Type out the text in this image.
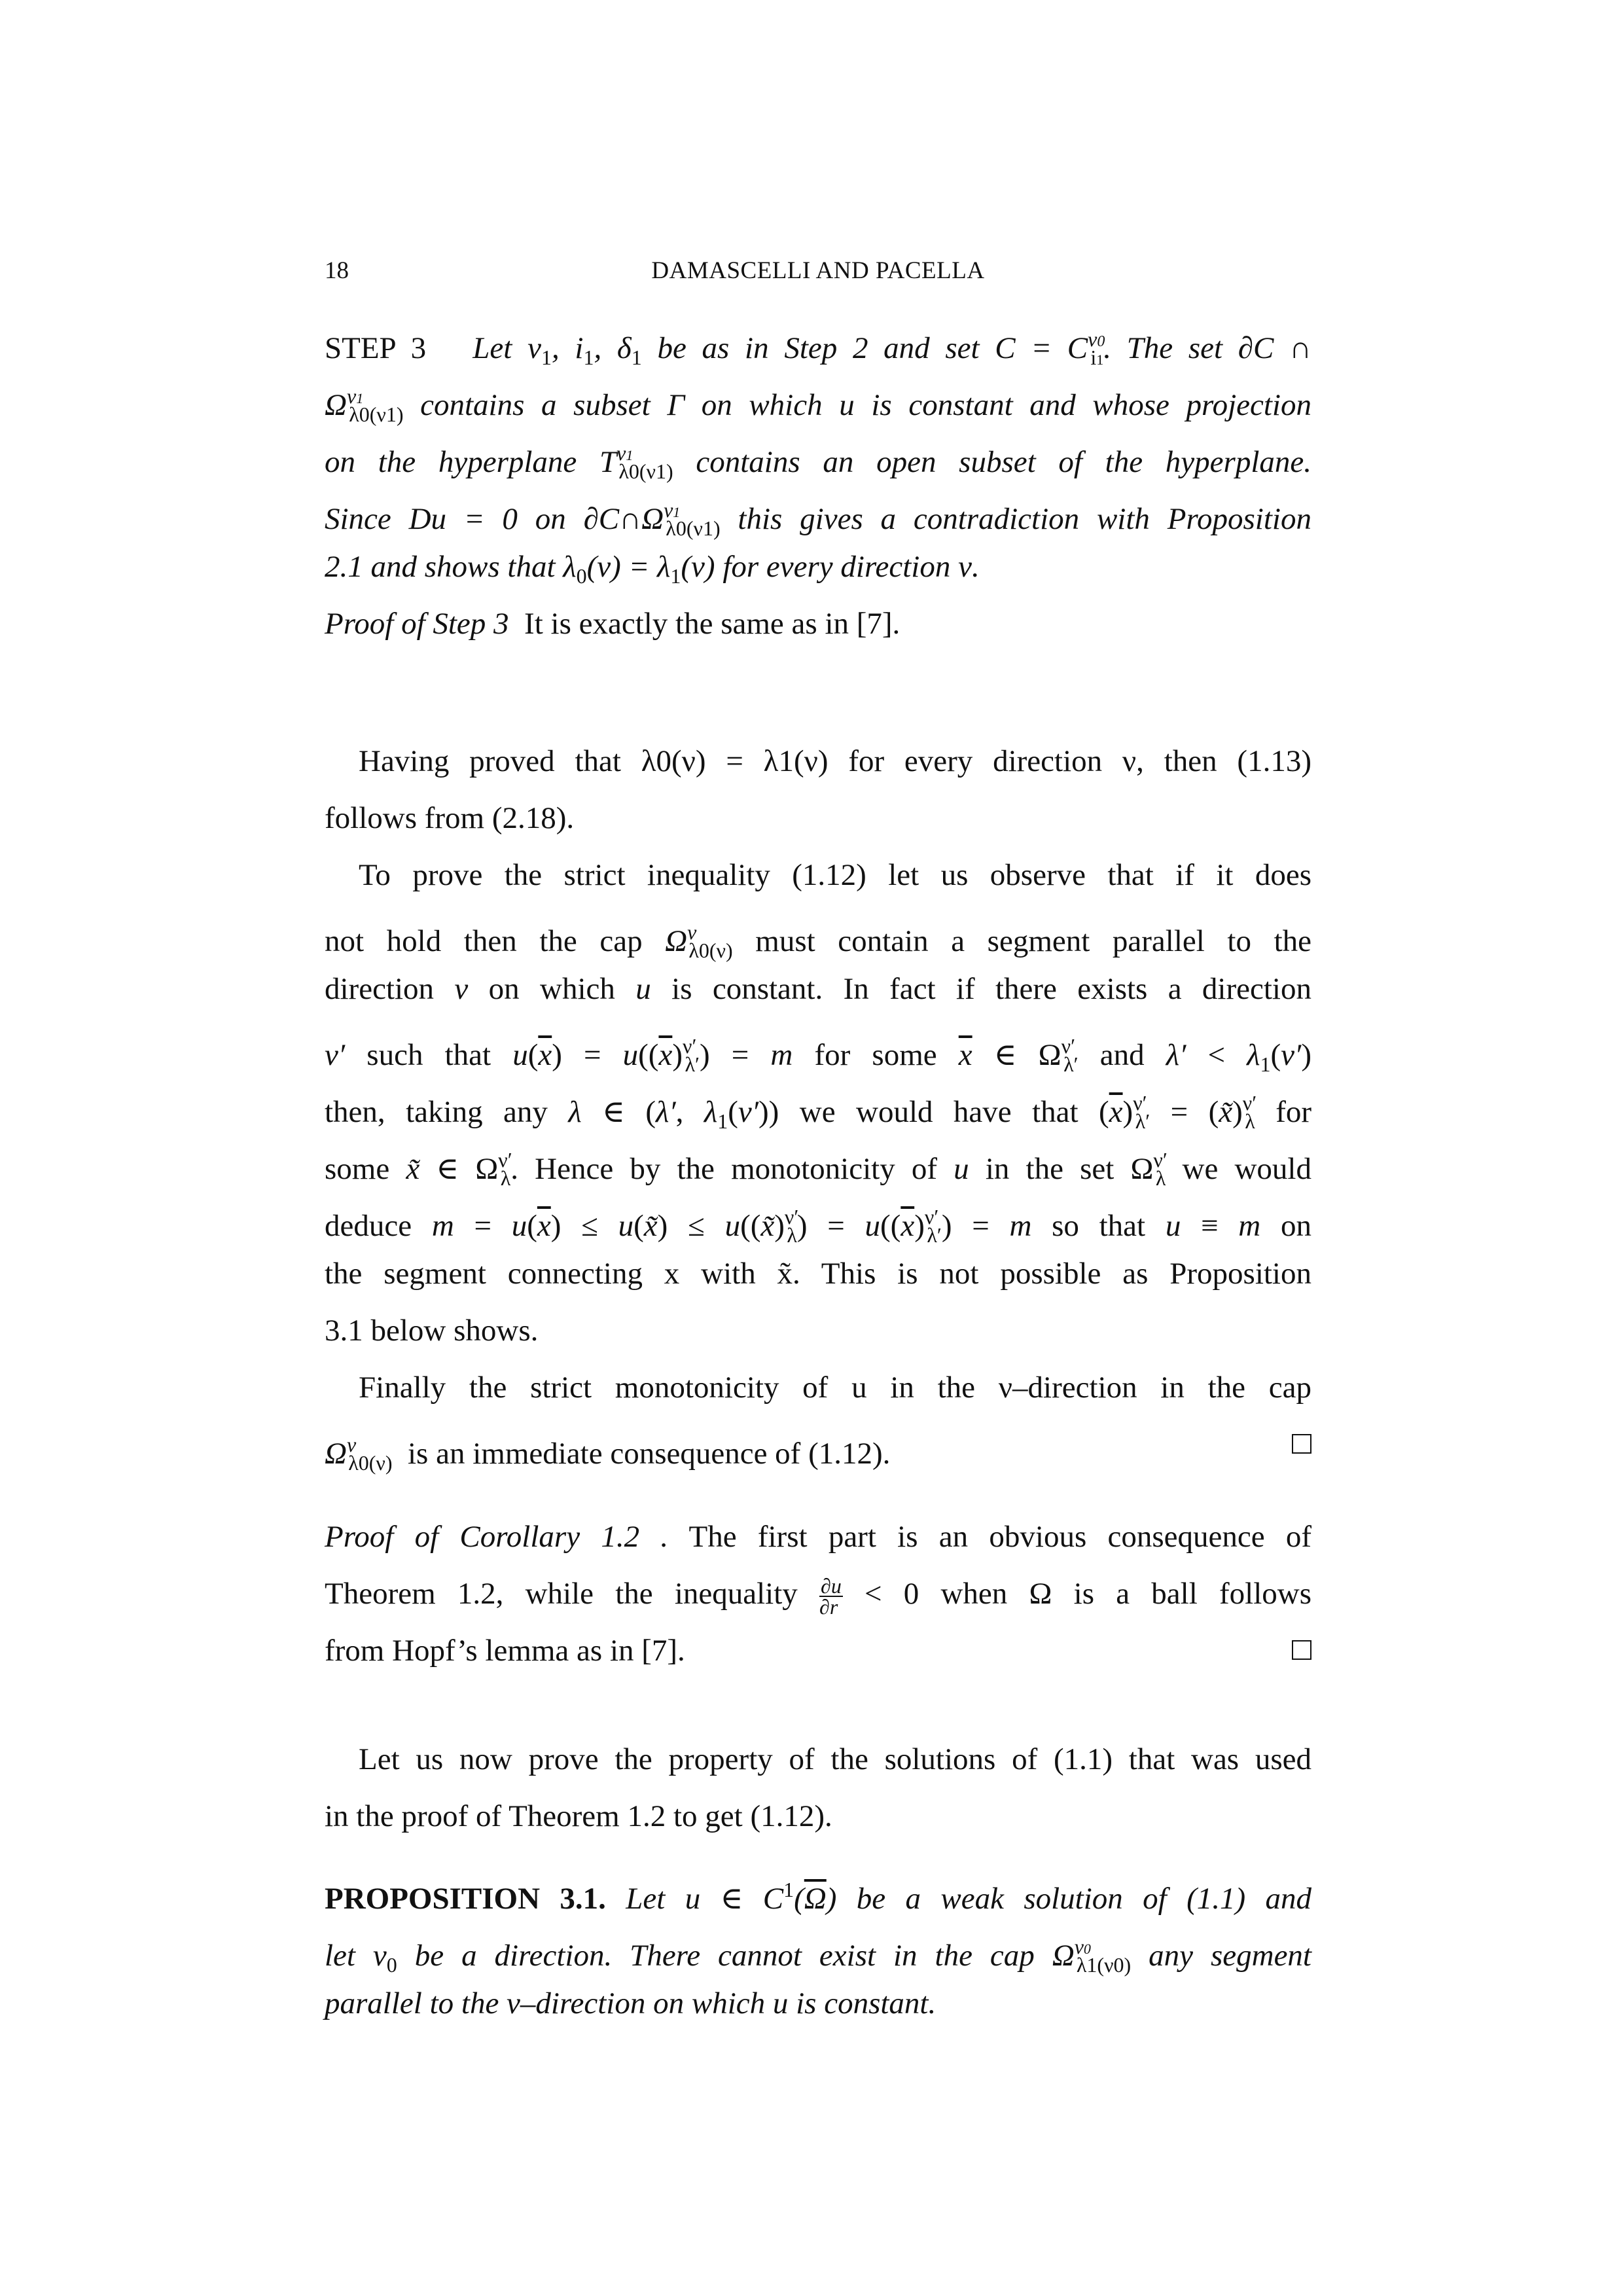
18	DAMASCELLI AND PACELLA
STEP 3 Let $\nu_1$, $i_1$, $\delta_1$ be as in Step 2 and set $C = C^{\nu 0}_{i1}$. The set ∂C ∩
$\Omega^{\nu 1}_{\lambda 0(\nu 1)}$ contains a subset Γ on which u is constant and whose projection
on the hyperplane $T^{\nu 1}_{\lambda 0(\nu 1)}$ contains an open subset of the hyperplane.
Since Du = 0 on $\partial C\cap\Omega^{\nu 1}_{\lambda 0(\nu 1)}$ this gives a contradiction with Proposition
2.1 and shows that $\lambda_0(\nu) = \lambda_1(\nu)$ for every direction ν.
Proof of Step 3 It is exactly the same as in [7].
Having proved that λ0(ν) = λ1(ν) for every direction ν, then (1.13)
follows from (2.18).
To prove the strict inequality (1.12) let us observe that if it does
not hold then the cap $\Omega^\nu_{\lambda 0(\nu)}$ must contain a segment parallel to the
direction ν on which u is constant. In fact if there exists a direction
ν′ such that $u(\overline{x}) = u((\overline{x})^{\nu'}_{\lambda'}) = m$ for some $\overline{x}$ ∈ $\Omega^{\nu'}_{\lambda'}$ and $\lambda' < \lambda_1(\nu')$
then, taking any λ ∈ (λ′, $\lambda_1(\nu')$) we would have that $(\overline{x})^{\nu'}_{\lambda'}$ = (x̃)$^{\nu'}_\lambda$ for
some x̃ ∈ $\Omega^{\nu'}_\lambda$. Hence by the monotonicity of u in the set $\Omega^{\nu'}_\lambda$ we would
deduce $m = u(\overline{x})$ ≤ u(x̃) ≤ u((x̃)$^{\nu'}_\lambda$) = $u((\overline{x})^{\nu'}_{\lambda'}) = m$ so that u ≡ m on
the segment connecting x with x̃. This is not possible as Proposition
3.1 below shows.
Finally the strict monotonicity of u in the ν–direction in the cap
$\Omega^\nu_{\lambda 0(\nu)}$ is an immediate consequence of (1.12).
Proof of Corollary 1.2 . The first part is an obvious consequence of
Theorem 1.2, while the inequality $\frac{\partial u}{\partial r} < 0$ when Ω is a ball follows
from Hopf’s lemma as in [7].
Let us now prove the property of the solutions of (1.1) that was used
in the proof of Theorem 1.2 to get (1.12).
PROPOSITION 3.1. Let u ∈ $C^1(\overline{\Omega})$ be a weak solution of (1.1) and
let $\nu_0$ be a direction. There cannot exist in the cap $\Omega^{\nu 0}_{\lambda 1(\nu 0)}$ any segment
parallel to the ν–direction on which u is constant.
